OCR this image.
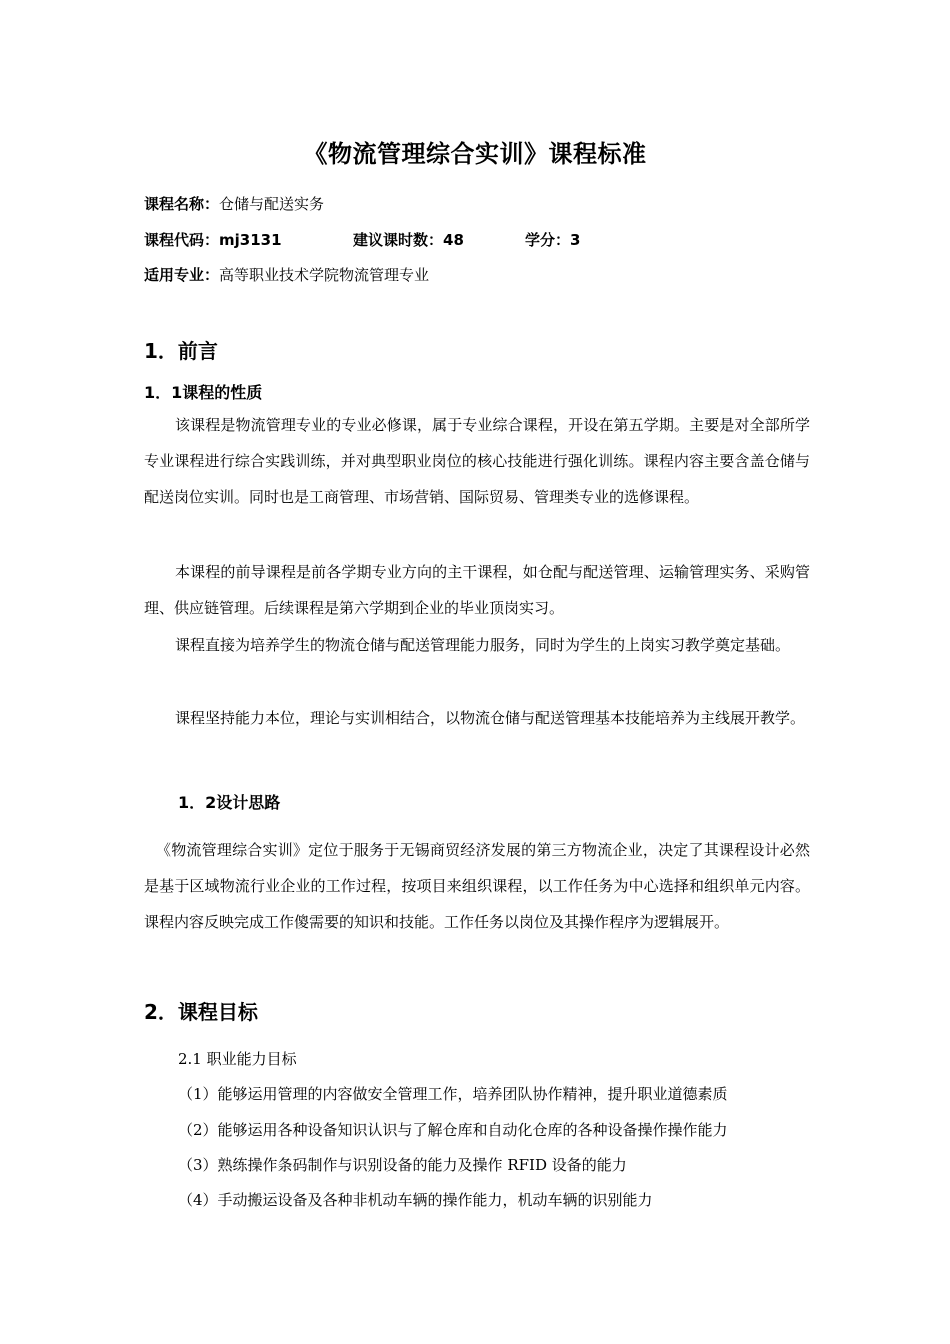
《物流管理综合实训》课程标准
课程名称：仓储与配送实务
课程代码：mj3131	建议课时数：48	学分：3
适用专业：高等职业技术学院物流管理专业
1．前言
1．1课程的性质

该课程是物流管理专业的专业必修课，属于专业综合课程，开设在第五学期。主要是对全部所学专业课程进行综合实践训练，并对典型职业岗位的核心技能进行强化训练。课程内容主要含盖仓储与配送岗位实训。同时也是工商管理、市场营销、国际贸易、管理类专业的选修课程。

本课程的前导课程是前各学期专业方向的主干课程，如仓配与配送管理、运输管理实务、采购管理、供应链管理。后续课程是第六学期到企业的毕业顶岗实习。

课程直接为培养学生的物流仓储与配送管理能力服务，同时为学生的上岗实习教学奠定基础。

课程坚持能力本位，理论与实训相结合，以物流仓储与配送管理基本技能培养为主线展开教学。

1．2设计思路

《物流管理综合实训》定位于服务于无锡商贸经济发展的第三方物流企业，决定了其课程设计必然是基于区域物流行业企业的工作过程，按项目来组织课程，以工作任务为中心选择和组织单元内容。课程内容反映完成工作傻需要的知识和技能。工作任务以岗位及其操作程序为逻辑展开。

2．课程目标
2.1 职业能力目标
（1）能够运用管理的内容做安全管理工作，培养团队协作精神，提升职业道德素质
（2）能够运用各种设备知识认识与了解仓库和自动化仓库的各种设备操作操作能力
（3）熟练操作条码制作与识别设备的能力及操作 RFID 设备的能力
（4）手动搬运设备及各种非机动车辆的操作能力，机动车辆的识别能力
